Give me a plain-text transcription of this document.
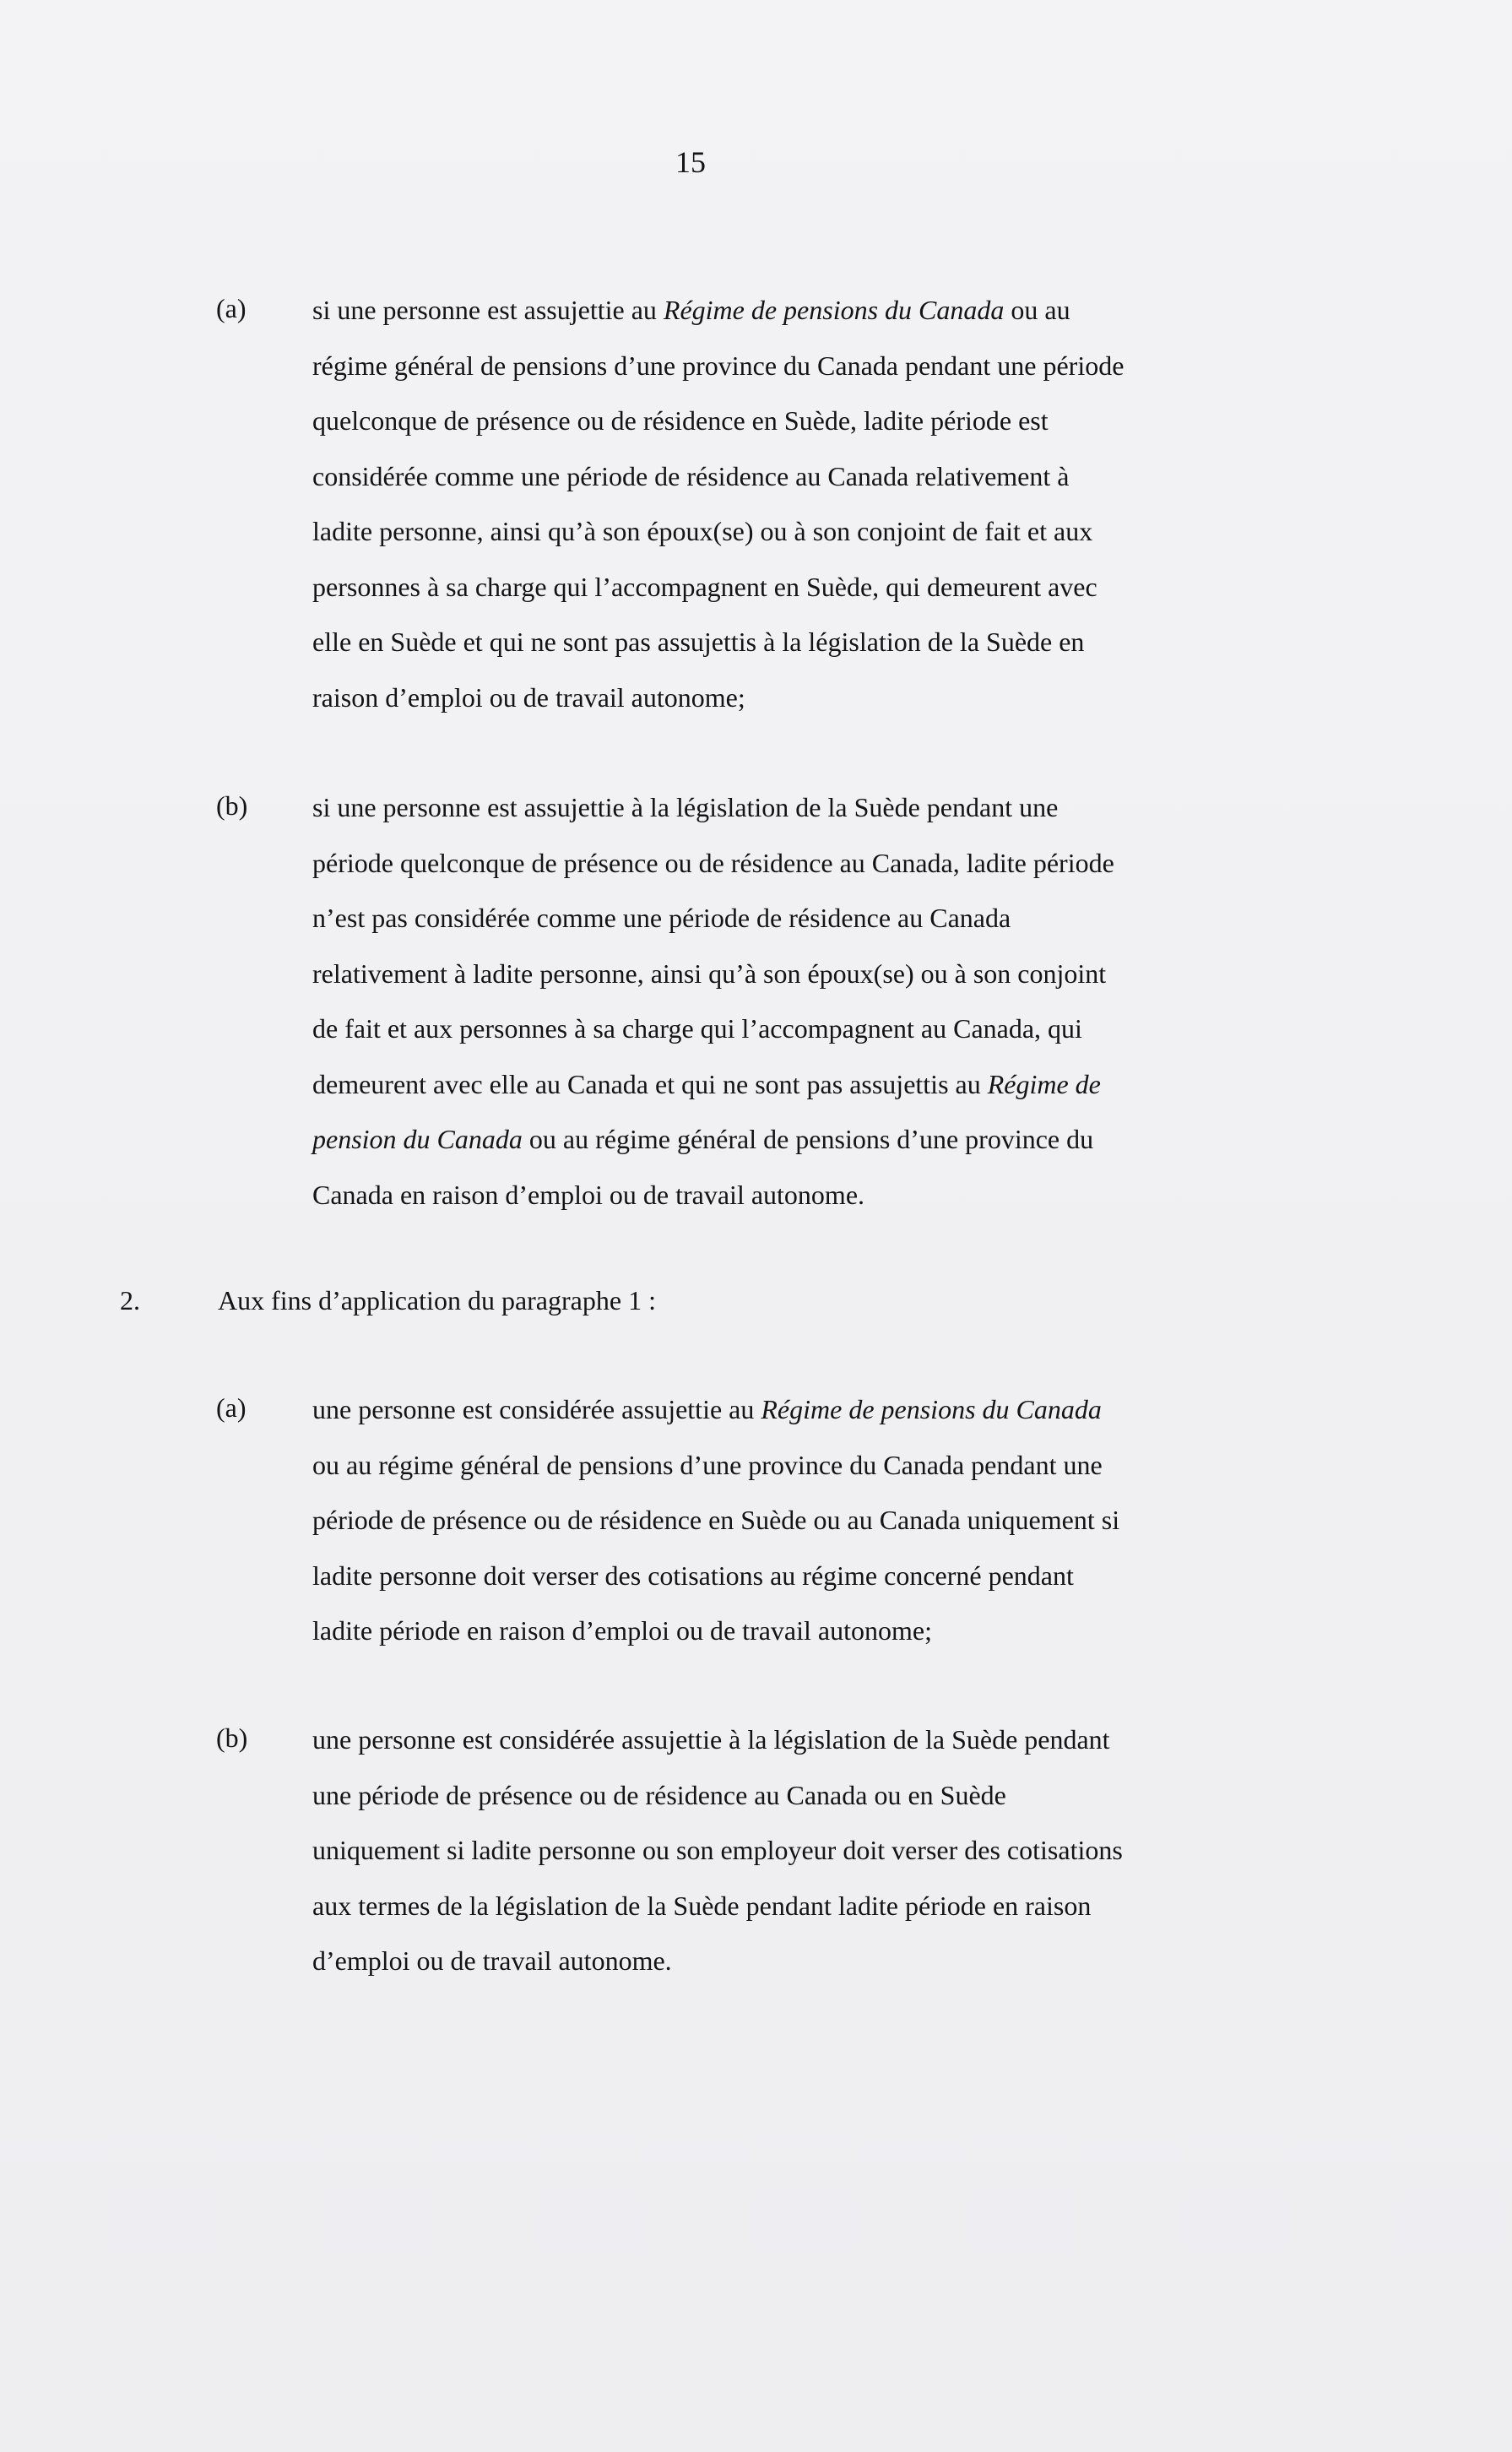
15
(a) si une personne est assujettie au Régime de pensions du Canada ou au
régime général de pensions d’une province du Canada pendant une période
quelconque de présence ou de résidence en Suède, ladite période est
considérée comme une période de résidence au Canada relativement à
ladite personne, ainsi qu’à son époux(se) ou à son conjoint de fait et aux
personnes à sa charge qui l’accompagnent en Suède, qui demeurent avec
elle en Suède et qui ne sont pas assujettis à la législation de la Suède en
raison d’emploi ou de travail autonome;
(b) si une personne est assujettie à la législation de la Suède pendant une
période quelconque de présence ou de résidence au Canada, ladite période
n’est pas considérée comme une période de résidence au Canada
relativement à ladite personne, ainsi qu’à son époux(se) ou à son conjoint
de fait et aux personnes à sa charge qui l’accompagnent au Canada, qui
demeurent avec elle au Canada et qui ne sont pas assujettis au Régime de
pension du Canada ou au régime général de pensions d’une province du
Canada en raison d’emploi ou de travail autonome.
2.	Aux fins d’application du paragraphe 1 :
(a) une personne est considérée assujettie au Régime de pensions du Canada
ou au régime général de pensions d’une province du Canada pendant une
période de présence ou de résidence en Suède ou au Canada uniquement si
ladite personne doit verser des cotisations au régime concerné pendant
ladite période en raison d’emploi ou de travail autonome;
(b) une personne est considérée assujettie à la législation de la Suède pendant
une période de présence ou de résidence au Canada ou en Suède
uniquement si ladite personne ou son employeur doit verser des cotisations
aux termes de la législation de la Suède pendant ladite période en raison
d’emploi ou de travail autonome.
